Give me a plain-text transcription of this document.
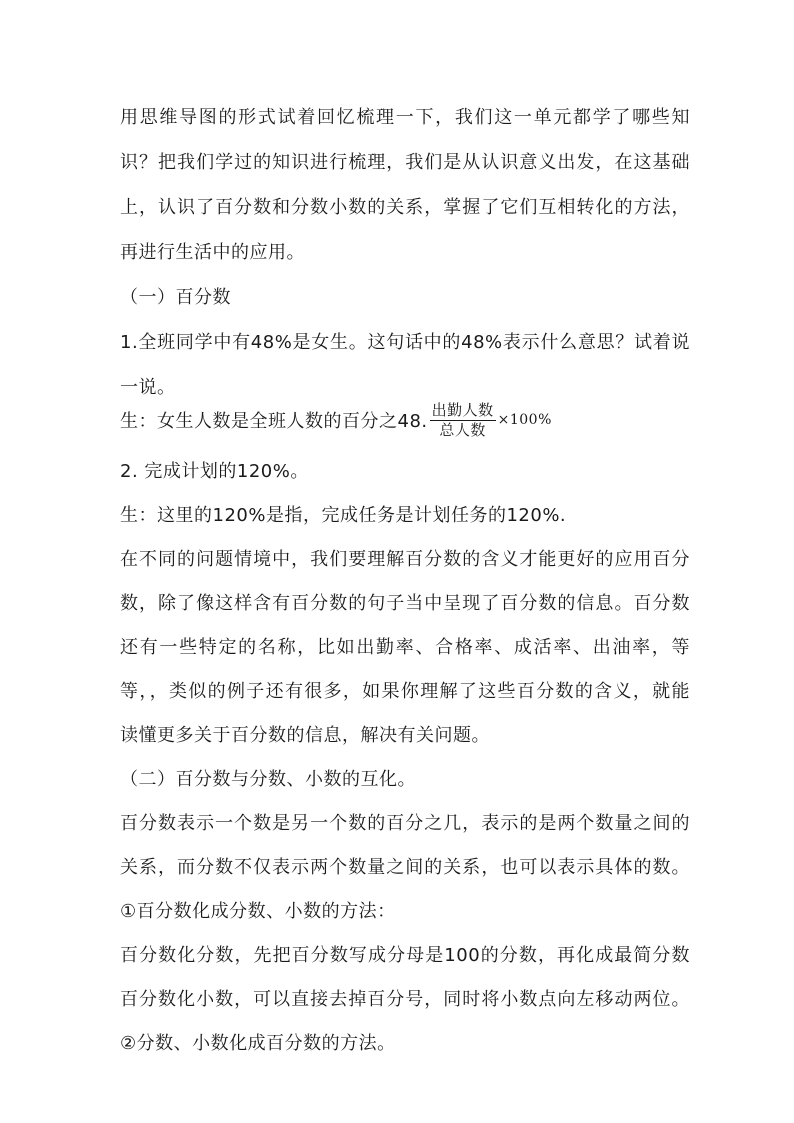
用思维导图的形式试着回忆梳理一下，我们这一单元都学了哪些知
识？把我们学过的知识进行梳理，我们是从认识意义出发，在这基础
上，认识了百分数和分数小数的关系，掌握了它们互相转化的方法，
再进行生活中的应用。
（一）百分数
1.全班同学中有48%是女生。这句话中的48%表示什么意思？试着说
一说。
生：女生人数是全班人数的百分之48. $\frac{\text{出勤人数}}{\text{总人数}} \times 100\%$
2. 完成计划的120%。
生：这里的120%是指，完成任务是计划任务的120%.
在不同的问题情境中，我们要理解百分数的含义才能更好的应用百分
数，除了像这样含有百分数的句子当中呈现了百分数的信息。百分数
还有一些特定的名称，比如出勤率、合格率、成活率、出油率，等
等，，类似的例子还有很多，如果你理解了这些百分数的含义，就能
读懂更多关于百分数的信息，解决有关问题。
（二）百分数与分数、小数的互化。
百分数表示一个数是另一个数的百分之几，表示的是两个数量之间的
关系，而分数不仅表示两个数量之间的关系，也可以表示具体的数。
①百分数化成分数、小数的方法：
百分数化分数，先把百分数写成分母是100的分数，再化成最简分数
百分数化小数，可以直接去掉百分号，同时将小数点向左移动两位。
②分数、小数化成百分数的方法。
